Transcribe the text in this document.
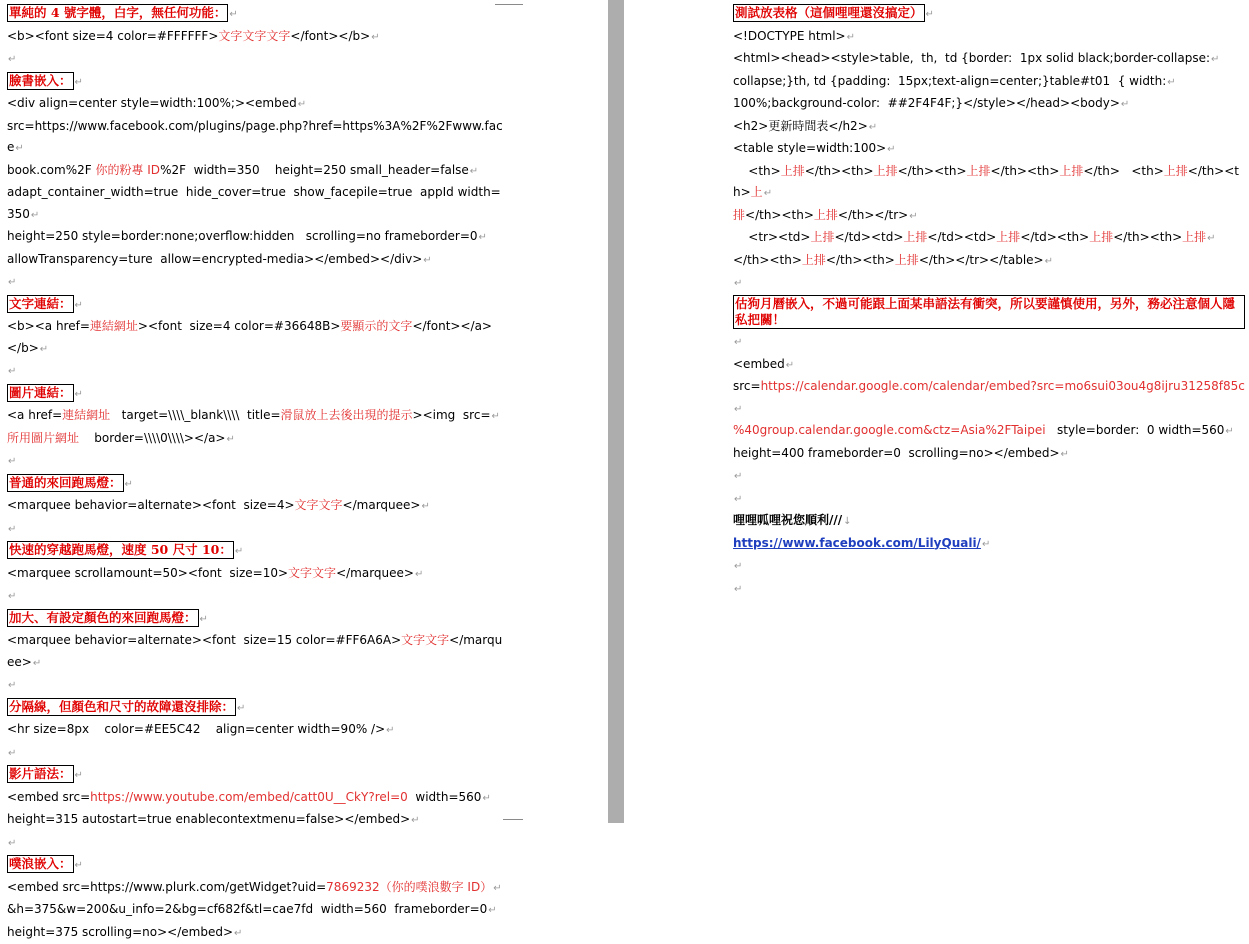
單純的 4 號字體，白字，無任何功能： ↵
<b><font size=4 color=#FFFFFF>文字文字文字</font></b>↵
↵
臉書嵌入： ↵
<div align=center style=width:100%;><embed↵
src=https://www.facebook.com/plugins/page.php?href=https%3A%2F%2Fwww.face↵
book.com%2F 你的粉專 ID%2F  width=350    height=250 small_header=false↵
adapt_container_width=true  hide_cover=true  show_facepile=true  appId width=350↵
height=250 style=border:none;overflow:hidden   scrolling=no frameborder=0↵
allowTransparency=ture  allow=encrypted-media></embed></div>↵
↵
文字連結： ↵
<b><a href=連結網址><font  size=4 color=#36648B>要顯示的文字</font></a>  </b>↵
↵
圖片連結： ↵
<a href=連結網址   target=\\\\_blank\\\\  title=滑鼠放上去後出現的提示><img  src=↵
所用圖片網址    border=\\\\0\\\\></a>↵
↵
普通的來回跑馬燈： ↵
<marquee behavior=alternate><font  size=4>文字文字</marquee>↵
↵
快速的穿越跑馬燈，速度 50 尺寸 10： ↵
<marquee scrollamount=50><font  size=10>文字文字</marquee>↵
↵
加大、有設定顏色的來回跑馬燈： ↵
<marquee behavior=alternate><font  size=15 color=#FF6A6A>文字文字</marquee>↵
↵
分隔線，但顏色和尺寸的故障還沒排除： ↵
<hr size=8px    color=#EE5C42    align=center width=90% />↵
↵
影片語法： ↵
<embed src=https://www.youtube.com/embed/catt0U__CkY?rel=0  width=560↵
height=315 autostart=true enablecontextmenu=false></embed>↵
↵
噗浪嵌入： ↵
<embed src=https://www.plurk.com/getWidget?uid=7869232（你的噗浪數字 ID）↵
&h=375&w=200&u_info=2&bg=cf682f&tl=cae7fd  width=560  frameborder=0↵
height=375 scrolling=no></embed>↵
測試放表格（這個哩哩還沒搞定） ↵
<!DOCTYPE html>↵
<html><head><style>table,  th,  td {border:  1px solid black;border-collapse:↵
collapse;}th, td {padding:  15px;text-align=center;}table#t01  { width:↵
100%;background-color:  ##2F4F4F;}</style></head><body>↵
<h2>更新時間表</h2>↵
<table style=width:100>↵
<th>上排</th><th>上排</th><th>上排</th><th>上排</th>   <th>上排</th><th>上↵
排</th><th>上排</th></tr>↵
<tr><td>上排</td><td>上排</td><td>上排</td><th>上排</th><th>上排↵
</th><th>上排</th><th>上排</th></tr></table>↵
↵
估狗月曆嵌入，不過可能跟上面某串語法有衝突，所以要謹慎使用，另外，務必注意個人隱私把關！↵
<embed↵
src=https://calendar.google.com/calendar/embed?src=mo6sui03ou4g8ijru31258f85c↵
%40group.calendar.google.com&ctz=Asia%2FTaipei   style=border:  0 width=560↵
height=400 frameborder=0  scrolling=no></embed>↵
↵
↵
哩哩呱哩祝您順利///↓
https://www.facebook.com/LilyQuali/↵
↵
↵
